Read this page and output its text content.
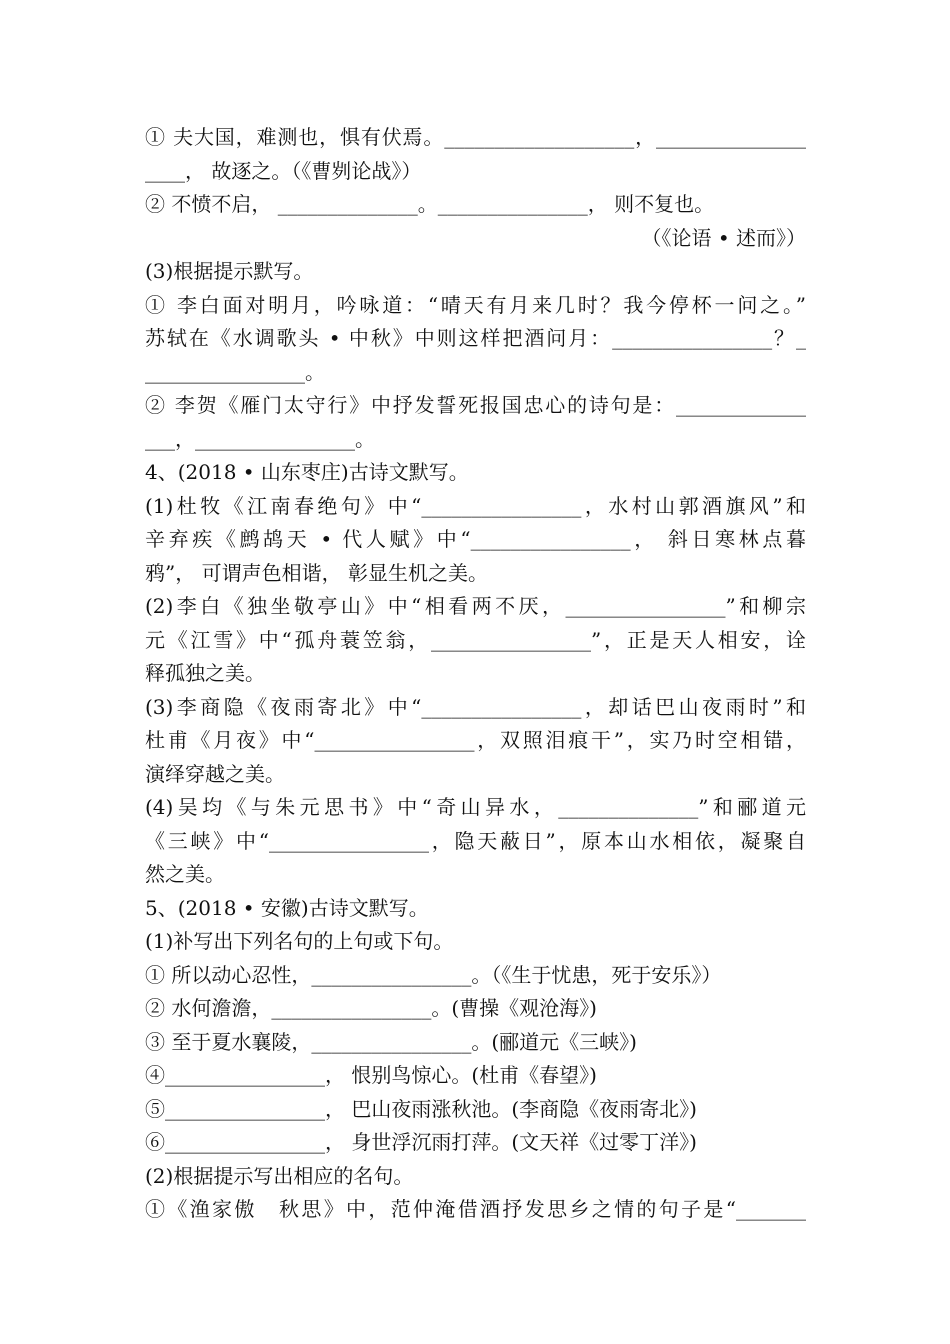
① 夫大国，难测也，惧有伏焉。___________________，_______________
____， 故逐之。（《曹刿论战》）
② 不愤不启， ______________。_______________， 则不复也。
（《论语 • 述而》）
(3)根据提示默写。
① 李白面对明月，吟咏道：“晴天有月来几时？我今停杯一问之。”
苏轼在《水调歌头 • 中秋》中则这样把酒问月：________________？_
________________。
② 李贺《雁门太守行》中抒发誓死报国忠心的诗句是：_____________
___，________________。
4、(2018 • 山东枣庄)古诗文默写。
(1)杜牧《江南春绝句》中“________________，水村山郭酒旗风”和
辛弃疾《鹧鸪天 • 代人赋》中“________________， 斜日寒林点暮
鸦”， 可谓声色相谐， 彰显生机之美。
(2)李白《独坐敬亭山》中“相看两不厌，________________”和柳宗
元《江雪》中“孤舟蓑笠翁，________________”，正是天人相安，诠
释孤独之美。
(3)李商隐《夜雨寄北》中“________________，却话巴山夜雨时”和
杜甫《月夜》中“________________，双照泪痕干”，实乃时空相错，
演绎穿越之美。
(4)吴均《与朱元思书》中“奇山异水，______________”和郦道元
《三峡》中“________________，隐天蔽日”，原本山水相依，凝聚自
然之美。
5、(2018 • 安徽)古诗文默写。
(1)补写出下列名句的上句或下句。
① 所以动心忍性，________________。（《生于忧患，死于安乐》）
② 水何澹澹，________________。(曹操《观沧海》)
③ 至于夏水襄陵，________________。(郦道元《三峡》)
④________________， 恨别鸟惊心。(杜甫《春望》)
⑤________________， 巴山夜雨涨秋池。(李商隐《夜雨寄北》)
⑥________________， 身世浮沉雨打萍。(文天祥《过零丁洋》)
(2)根据提示写出相应的名句。
①《渔家傲　秋思》中，范仲淹借酒抒发思乡之情的句子是“_______
